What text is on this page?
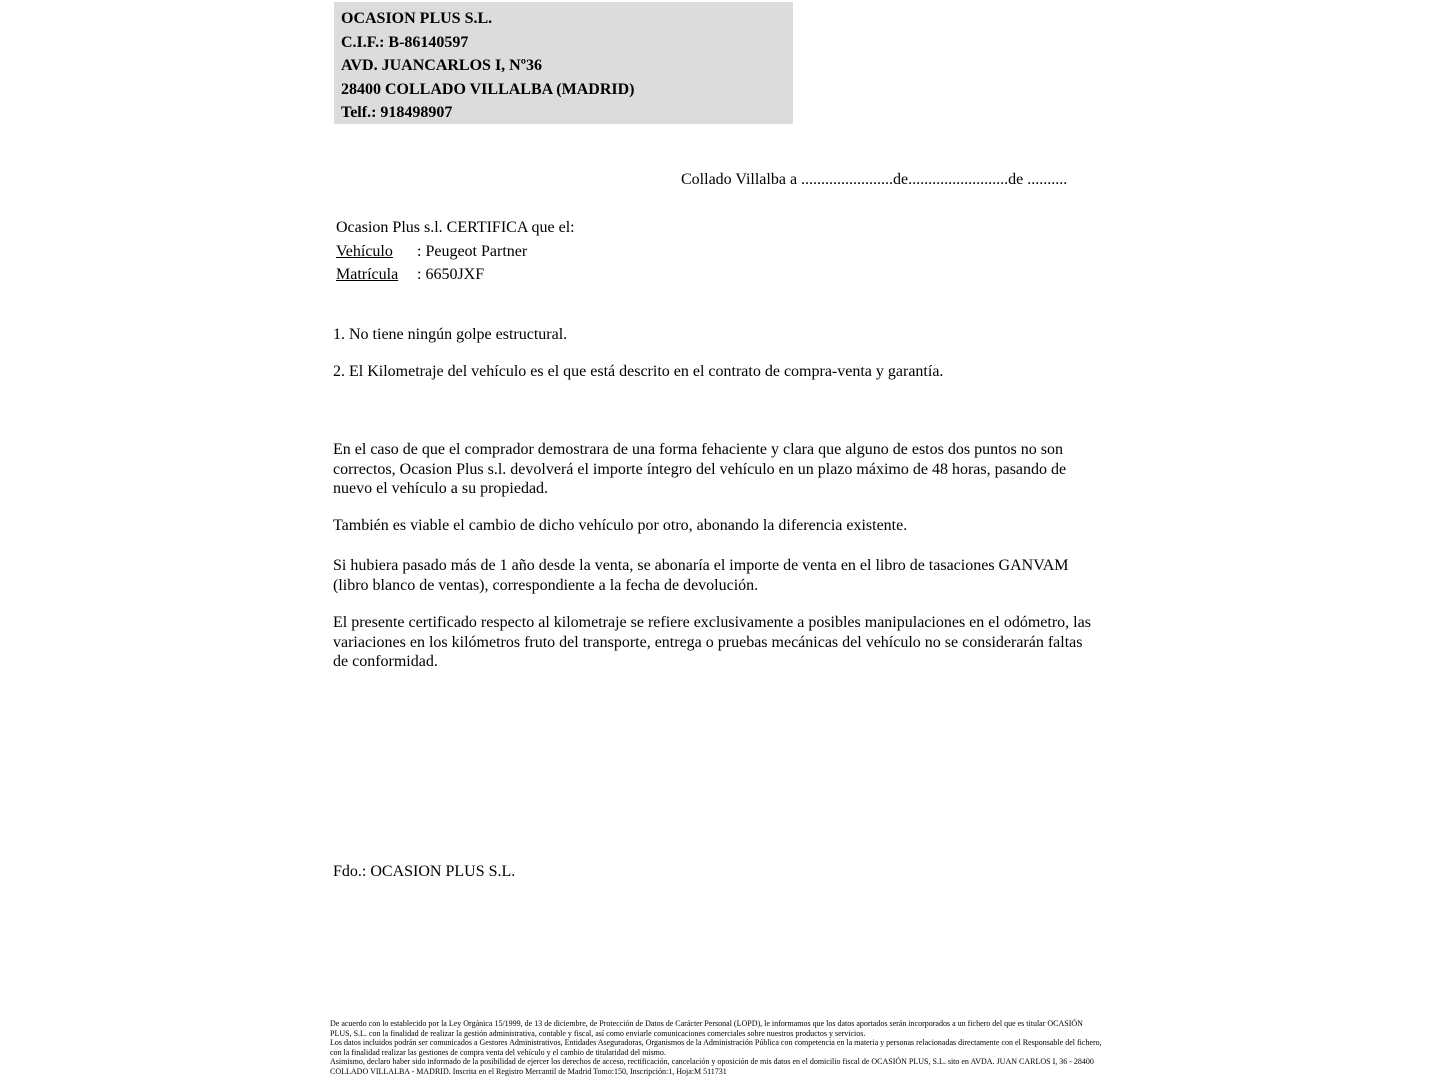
OCASION PLUS S.L.
C.I.F.: B-86140597
AVD. JUANCARLOS I, Nº36
28400 COLLADO VILLALBA (MADRID)
Telf.: 918498907
Collado Villalba a .......................de.........................de ..........
Ocasion Plus s.l. CERTIFICA que el:
Vehículo : Peugeot Partner
Matrícula : 6650JXF
1. No tiene ningún golpe estructural.
2. El Kilometraje del vehículo es el que está descrito en el contrato de compra-venta y garantía.
En el caso de que el comprador demostrara de una forma fehaciente y clara que alguno de estos dos puntos no son correctos, Ocasion Plus s.l. devolverá el importe íntegro del vehículo en un plazo máximo de 48 horas, pasando de nuevo el vehículo a su propiedad.
También es viable el cambio de dicho vehículo por otro, abonando la diferencia existente.
Si hubiera pasado más de 1 año desde la venta, se abonaría el importe de venta en el libro de tasaciones GANVAM (libro blanco de ventas), correspondiente a la fecha de devolución.
El presente certificado respecto al kilometraje se refiere exclusivamente a posibles manipulaciones en el odómetro, las variaciones en los kilómetros fruto del transporte, entrega o pruebas mecánicas del vehículo no se considerarán faltas de conformidad.
Fdo.: OCASION PLUS S.L.
De acuerdo con lo establecido por la Ley Orgánica 15/1999, de 13 de diciembre, de Protección de Datos de Carácter Personal (LOPD), le informamos que los datos aportados serán incorporados a un fichero del que es titular OCASIÓN PLUS, S.L. con la finalidad de realizar la gestión administrativa, contable y fiscal, así como enviarle comunicaciones comerciales sobre nuestros productos y servicios.
Los datos incluidos podrán ser comunicados a Gestores Administrativos, Entidades Aseguradoras, Organismos de la Administración Pública con competencia en la materia y personas relacionadas directamente con el Responsable del fichero, con la finalidad realizar las gestiones de compra venta del vehículo y el cambio de titularidad del mismo.
Asimismo, declaro haber sido informado de la posibilidad de ejercer los derechos de acceso, rectificación, cancelación y oposición de mis datos en el domicilio fiscal de OCASIÓN PLUS, S.L. sito en AVDA. JUAN CARLOS I, 36 - 28400 COLLADO VILLALBA - MADRID. Inscrita en el Registro Mercantil de Madrid Tomo:150, Inscripción:1, Hoja:M 511731
